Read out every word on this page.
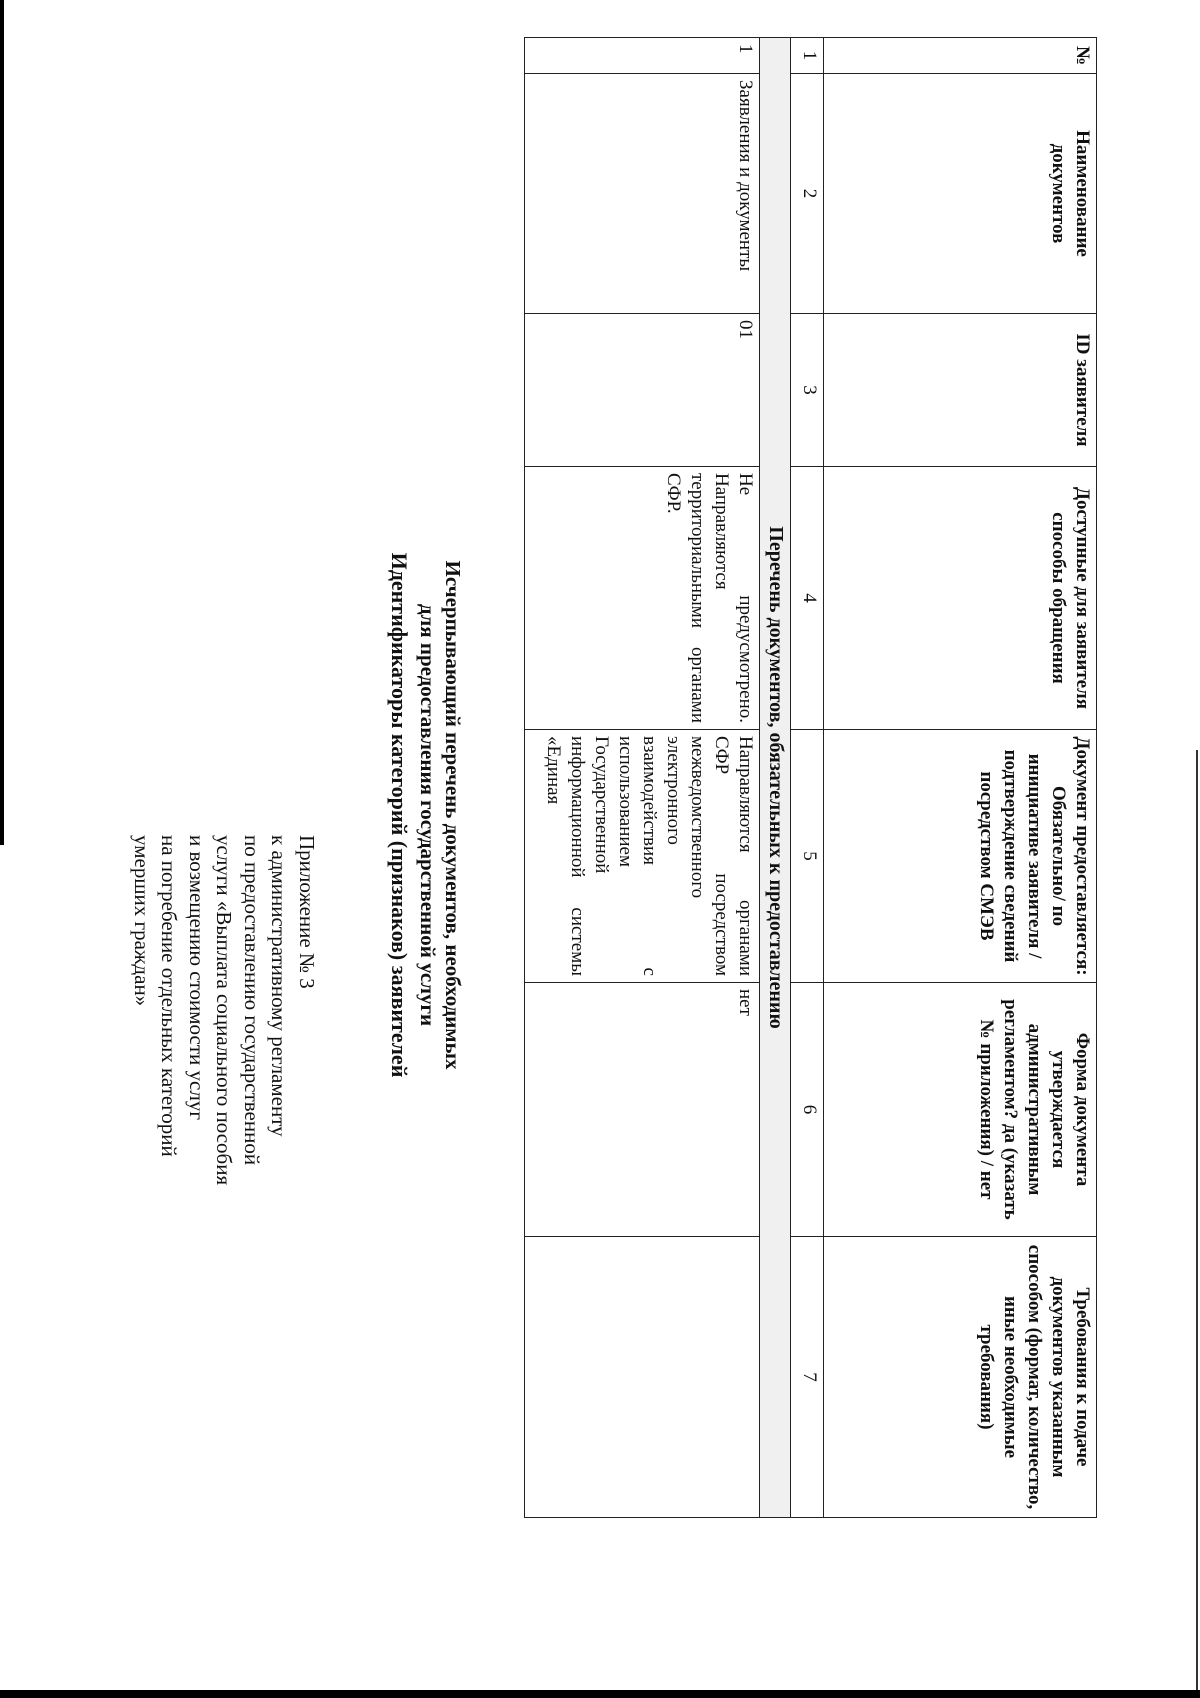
Приложение № 3
к административному регламенту
по предоставлению государственной
услуги «Выплата социального пособия
и возмещению стоимости услуг
на погребение отдельных категорий
умерших граждан»	Идентификаторы категорий (признаков) заявителей Исчерпывающий перечень документов, необходимых
для предоставления государственной услуги
№	Наименование документов	ID заявителя	Доступные для заявителя способы обращения	Документ предоставляется: Обязательно/ по инициативе заявителя /подтверждение сведений посредством СМЭВ	Форма документа утверждается административным регламентом? да (указать № приложения) / нет	Требования к подаче документов указанным способом (формат, количество, иные необходимые требования)
1	2	3	4	5	6	7
Перечень документов, обязательных к предоставлению						
1	Заявления и документы	01	Не предусмотрено. Направляются территориальными органами СФР.	Направляются органами СФР посредством межведомственного электронного взаимодействия с использованием Государственной информационной системы «Единая	нет	
